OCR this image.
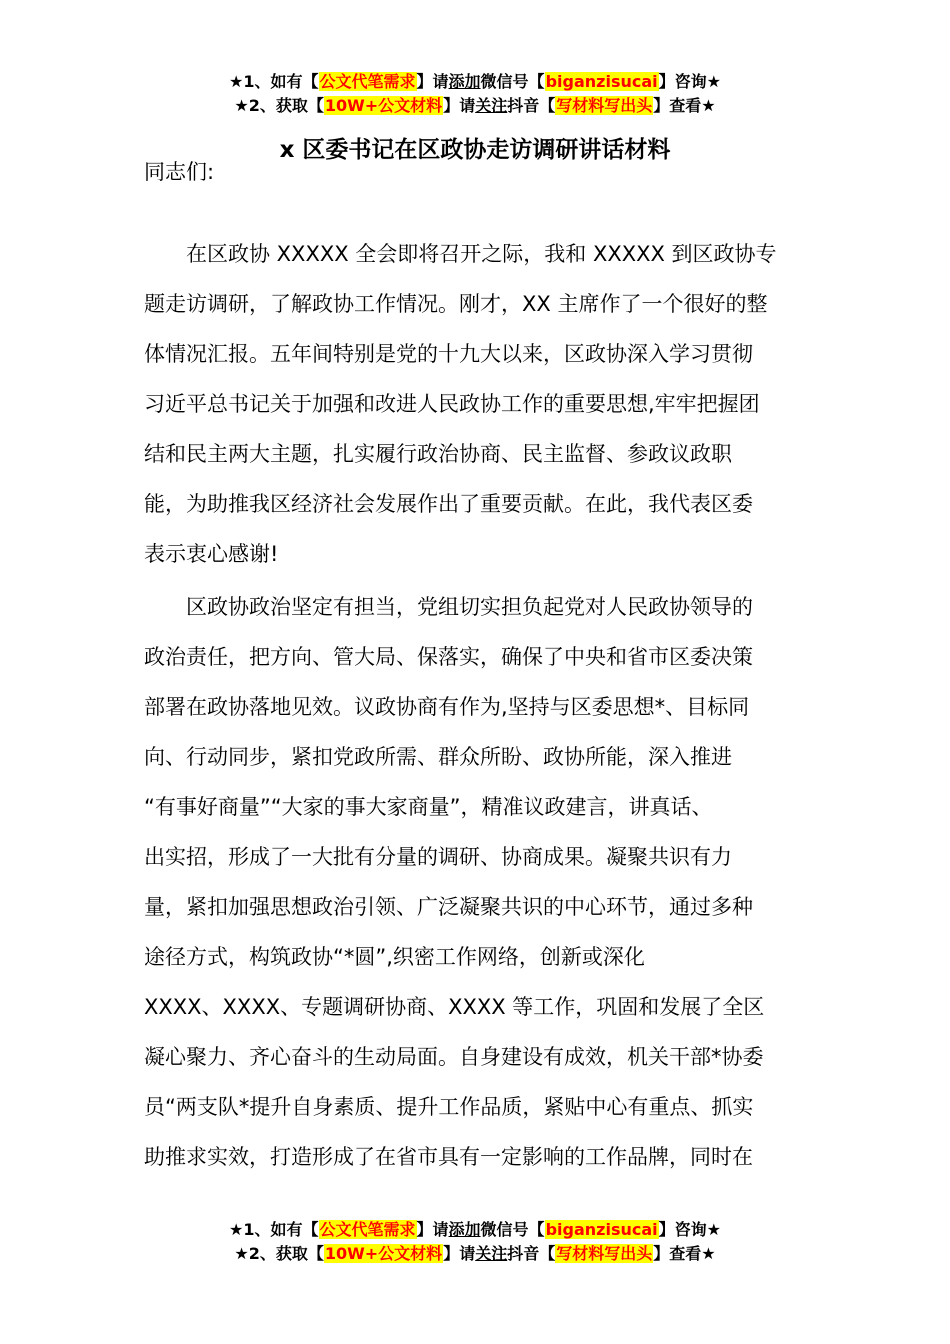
★1、如有【公文代笔需求】请添加微信号【biganzisucai】咨询★
★2、获取【10W+公文材料】请关注抖音【写材料写出头】查看★
x 区委书记在区政协走访调研讲话材料
同志们:
　　在区政协 XXXXX 全会即将召开之际，我和 XXXXX 到区政协专
题走访调研，了解政协工作情况。刚才，XX 主席作了一个很好的整
体情况汇报。五年间特别是党的十九大以来，区政协深入学习贯彻
习近平总书记关于加强和改进人民政协工作的重要思想,牢牢把握团
结和民主两大主题，扎实履行政治协商、民主监督、参政议政职
能，为助推我区经济社会发展作出了重要贡献。在此，我代表区委
表示衷心感谢!
　　区政协政治坚定有担当，党组切实担负起党对人民政协领导的
政治责任，把方向、管大局、保落实，确保了中央和省市区委决策
部署在政协落地见效。议政协商有作为,坚持与区委思想*、目标同
向、行动同步，紧扣党政所需、群众所盼、政协所能，深入推进
“有事好商量”“大家的事大家商量”，精准议政建言，讲真话、
出实招，形成了一大批有分量的调研、协商成果。凝聚共识有力
量，紧扣加强思想政治引领、广泛凝聚共识的中心环节，通过多种
途径方式，构筑政协“*圆”,织密工作网络，创新或深化
XXXX、XXXX、专题调研协商、XXXX 等工作，巩固和发展了全区
凝心聚力、齐心奋斗的生动局面。自身建设有成效，机关干部*协委
员“两支队*提升自身素质、提升工作品质，紧贴中心有重点、抓实
助推求实效，打造形成了在省市具有一定影响的工作品牌，同时在
★1、如有【公文代笔需求】请添加微信号【biganzisucai】咨询★
★2、获取【10W+公文材料】请关注抖音【写材料写出头】查看★
